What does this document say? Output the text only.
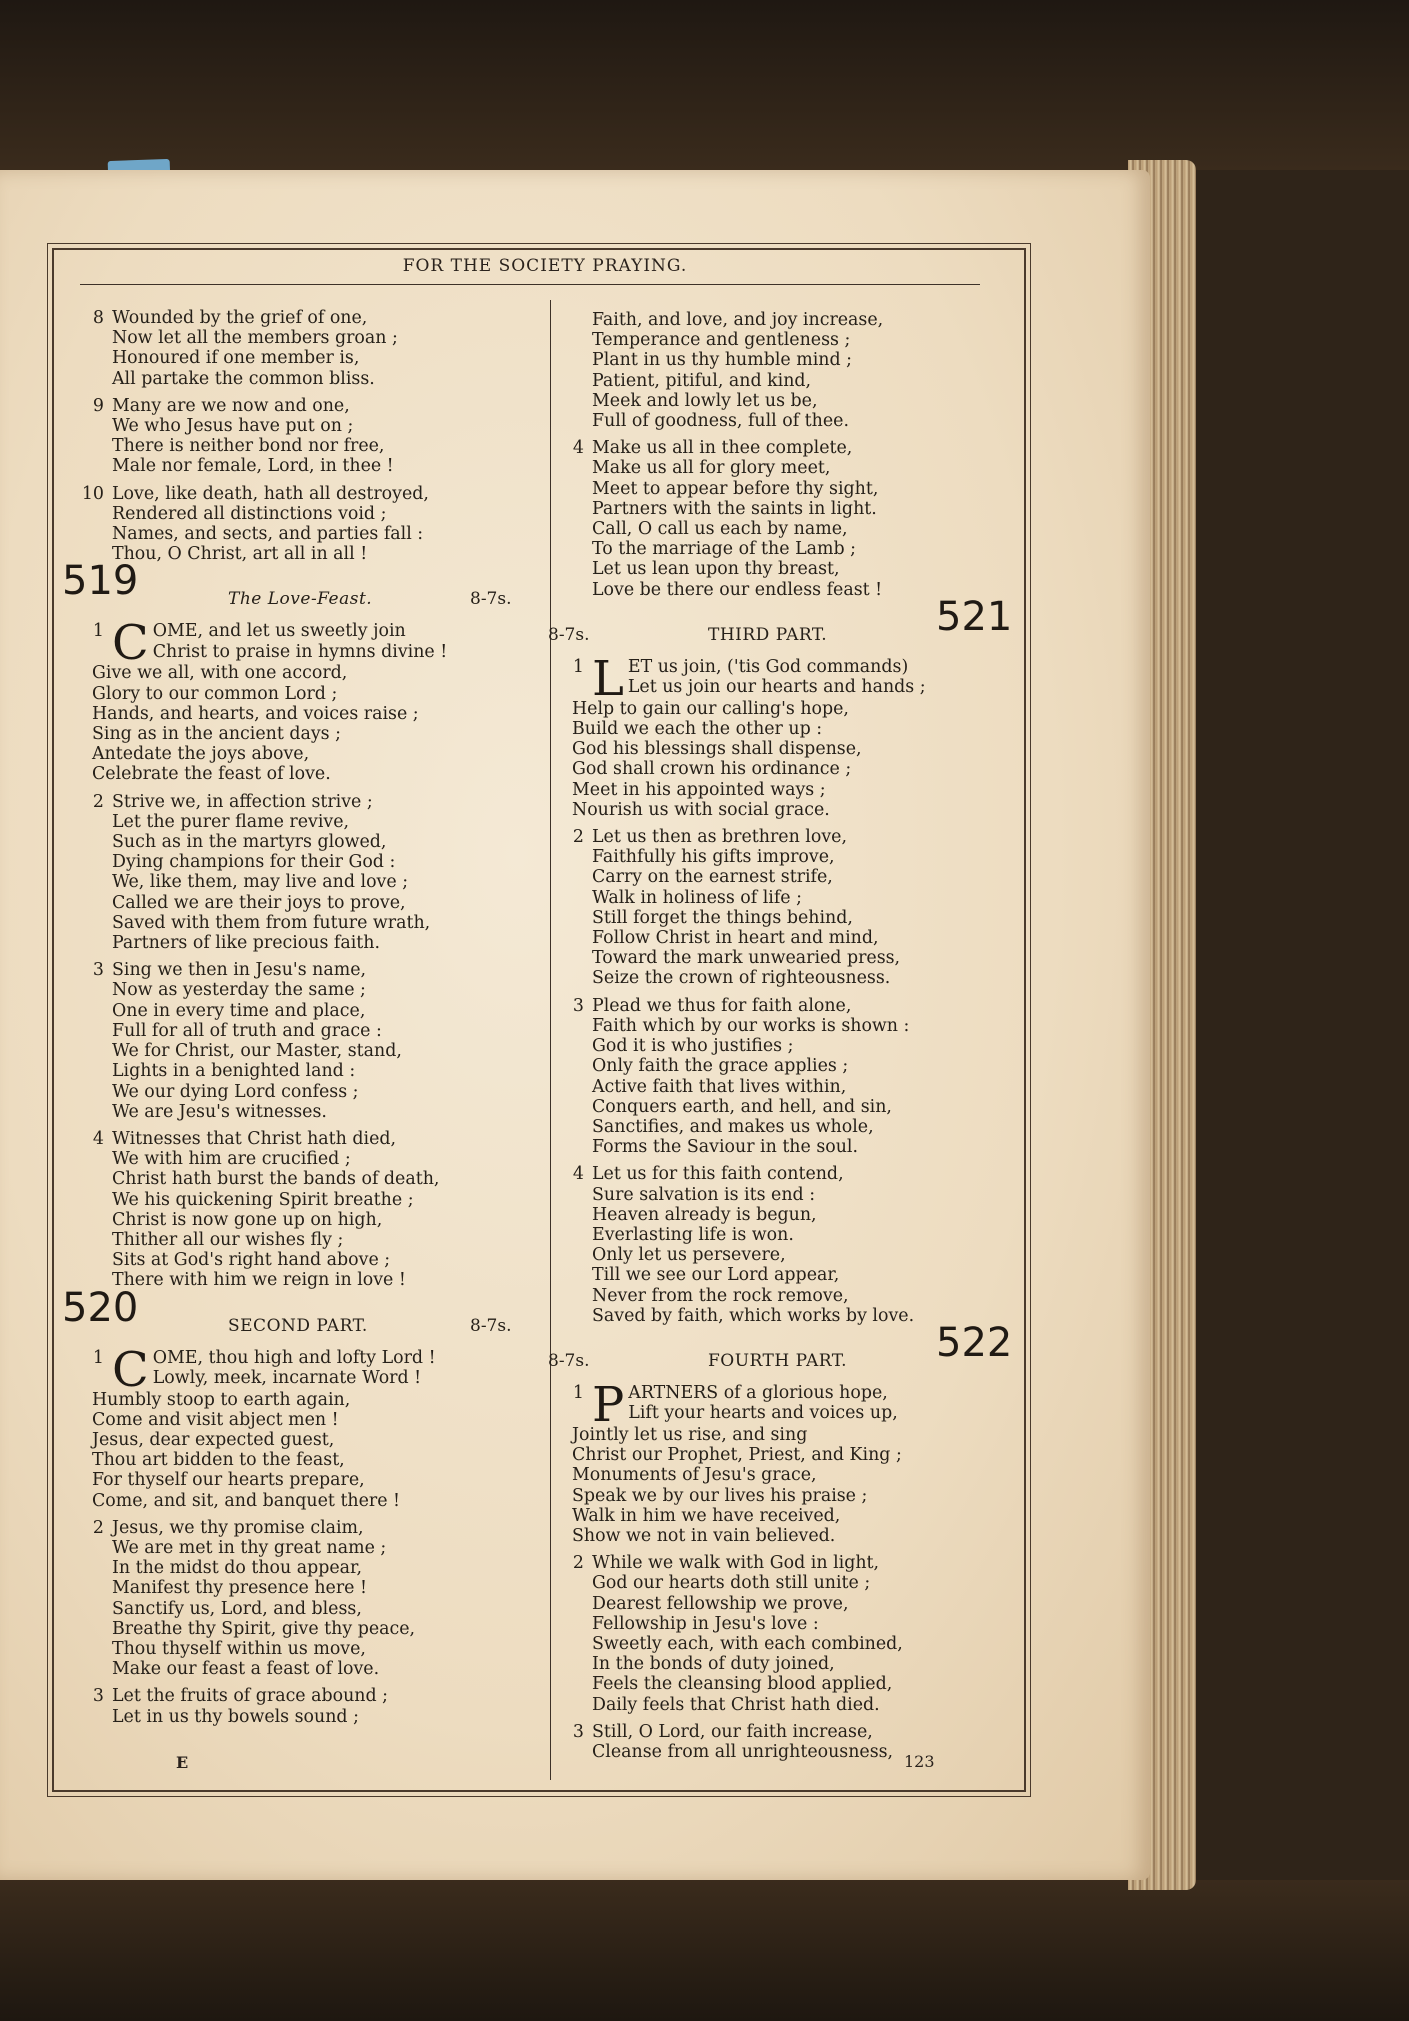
FOR THE SOCIETY PRAYING.
8 Wounded by the grief of one,
Now let all the members groan ;
Honoured if one member is,
All partake the common bliss.
9 Many are we now and one,
We who Jesus have put on ;
There is neither bond nor free,
Male nor female, Lord, in thee !
10 Love, like death, hath all destroyed,
Rendered all distinctions void ;
Names, and sects, and parties fall :
Thou, O Christ, art all in all !
519	The Love-Feast.	8-7s.
1 C OME, and let us sweetly join
Christ to praise in hymns divine !
Give we all, with one accord,
Glory to our common Lord ;
Hands, and hearts, and voices raise ;
Sing as in the ancient days ;
Antedate the joys above,
Celebrate the feast of love.
2 Strive we, in affection strive ;
Let the purer flame revive,
Such as in the martyrs glowed,
Dying champions for their God :
We, like them, may live and love ;
Called we are their joys to prove,
Saved with them from future wrath,
Partners of like precious faith.
3 Sing we then in Jesu's name,
Now as yesterday the same ;
One in every time and place,
Full for all of truth and grace :
We for Christ, our Master, stand,
Lights in a benighted land :
We our dying Lord confess ;
We are Jesu's witnesses.
4 Witnesses that Christ hath died,
We with him are crucified ;
Christ hath burst the bands of death,
We his quickening Spirit breathe ;
Christ is now gone up on high,
Thither all our wishes fly ;
Sits at God's right hand above ;
There with him we reign in love !
520	SECOND PART.	8-7s.
1 C OME, thou high and lofty Lord !
Lowly, meek, incarnate Word !
Humbly stoop to earth again,
Come and visit abject men !
Jesus, dear expected guest,
Thou art bidden to the feast,
For thyself our hearts prepare,
Come, and sit, and banquet there !
2 Jesus, we thy promise claim,
We are met in thy great name ;
In the midst do thou appear,
Manifest thy presence here !
Sanctify us, Lord, and bless,
Breathe thy Spirit, give thy peace,
Thou thyself within us move,
Make our feast a feast of love.
3 Let the fruits of grace abound ;
Let in us thy bowels sound ;
Faith, and love, and joy increase,
Temperance and gentleness ;
Plant in us thy humble mind ;
Patient, pitiful, and kind,
Meek and lowly let us be,
Full of goodness, full of thee.
4 Make us all in thee complete,
Make us all for glory meet,
Meet to appear before thy sight,
Partners with the saints in light.
Call, O call us each by name,
To the marriage of the Lamb ;
Let us lean upon thy breast,
Love be there our endless feast !
521
THIRD PART.
8-7s.
1 L ET us join, ('tis God commands)
Let us join our hearts and hands ;
Help to gain our calling's hope,
Build we each the other up :
God his blessings shall dispense,
God shall crown his ordinance ;
Meet in his appointed ways ;
Nourish us with social grace.
2 Let us then as brethren love,
Faithfully his gifts improve,
Carry on the earnest strife,
Walk in holiness of life ;
Still forget the things behind,
Follow Christ in heart and mind,
Toward the mark unwearied press,
Seize the crown of righteousness.
3 Plead we thus for faith alone,
Faith which by our works is shown :
God it is who justifies ;
Only faith the grace applies ;
Active faith that lives within,
Conquers earth, and hell, and sin,
Sanctifies, and makes us whole,
Forms the Saviour in the soul.
4 Let us for this faith contend,
Sure salvation is its end :
Heaven already is begun,
Everlasting life is won.
Only let us persevere,
Till we see our Lord appear,
Never from the rock remove,
Saved by faith, which works by love.
522
FOURTH PART.
8-7s.
1 P ARTNERS of a glorious hope,
Lift your hearts and voices up,
Jointly let us rise, and sing
Christ our Prophet, Priest, and King ;
Monuments of Jesu's grace,
Speak we by our lives his praise ;
Walk in him we have received,
Show we not in vain believed.
2 While we walk with God in light,
God our hearts doth still unite ;
Dearest fellowship we prove,
Fellowship in Jesu's love :
Sweetly each, with each combined,
In the bonds of duty joined,
Feels the cleansing blood applied,
Daily feels that Christ hath died.
3 Still, O Lord, our faith increase,
Cleanse from all unrighteousness,
E	123
